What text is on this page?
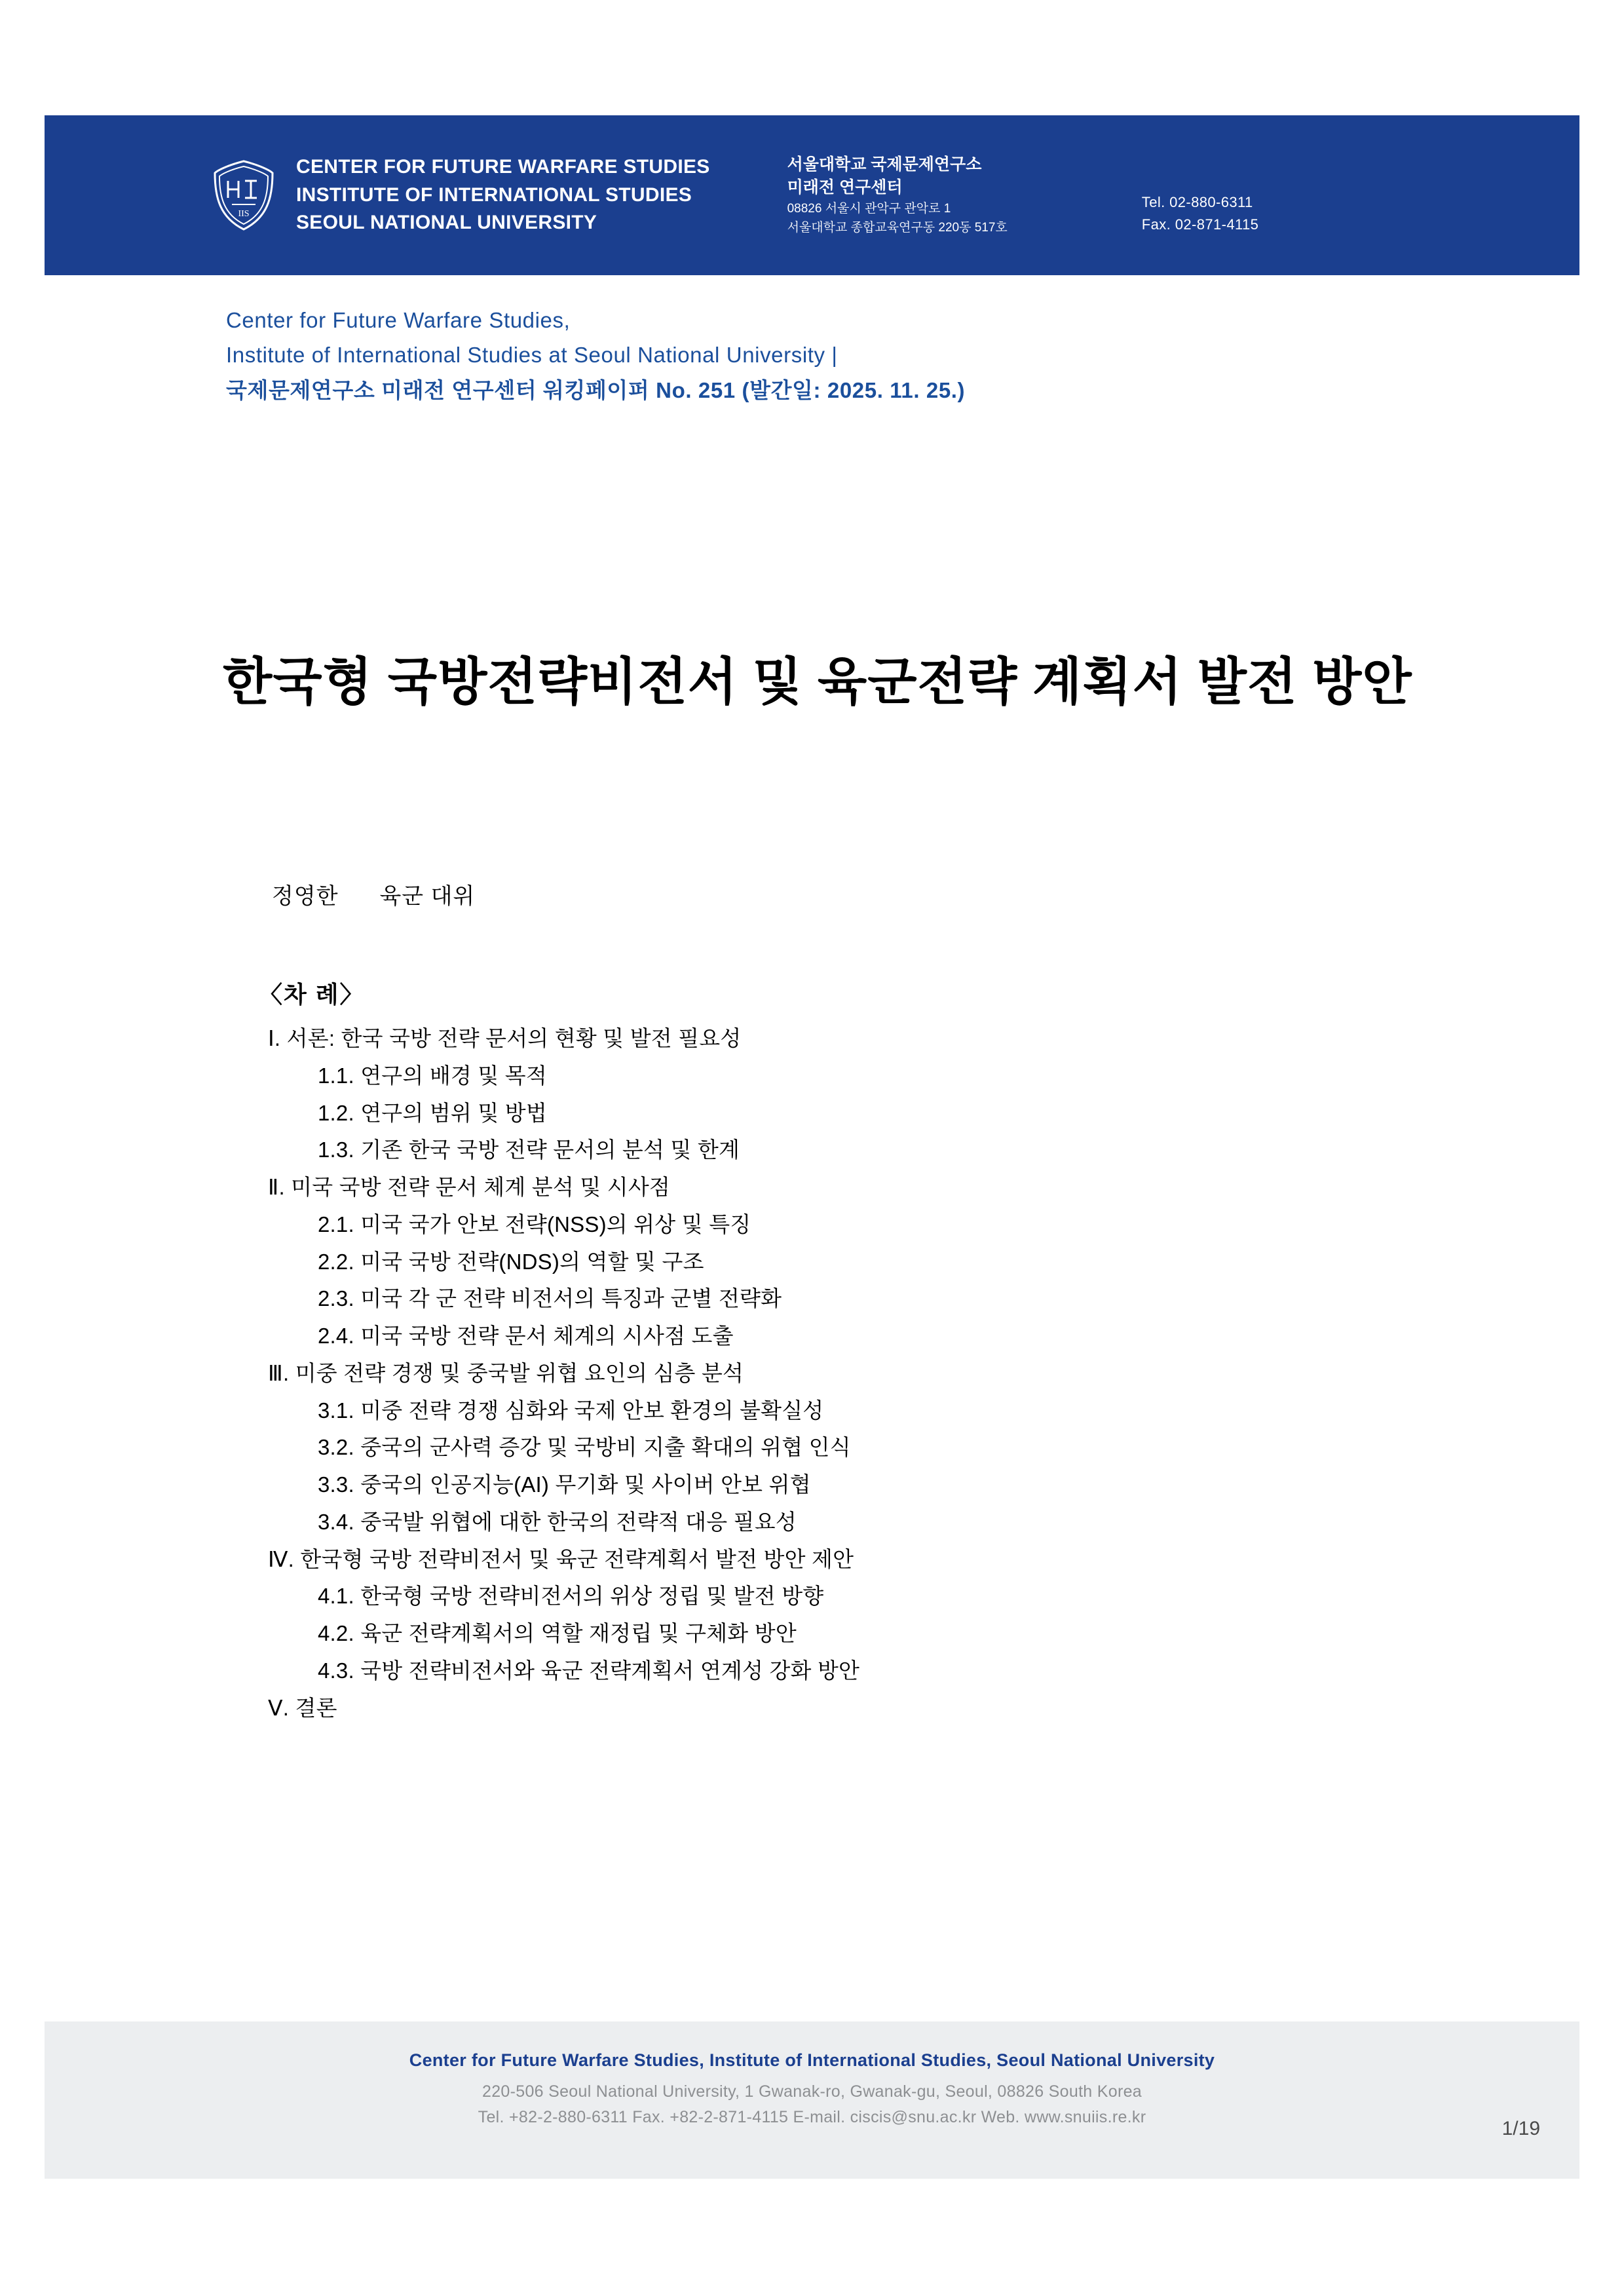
IIS
CENTER FOR FUTURE WARFARE STUDIES
INSTITUTE OF INTERNATIONAL STUDIES
SEOUL NATIONAL UNIVERSITY
서울대학교 국제문제연구소
미래전 연구센터
08826 서울시 관악구 관악로 1
서울대학교 종합교육연구동 220동 517호
Tel. 02-880-6311
Fax. 02-871-4115
Center for Future Warfare Studies,
Institute of International Studies at Seoul National University |
국제문제연구소 미래전 연구센터 워킹페이퍼 No. 251 (발간일: 2025. 11. 25.)
한국형 국방전략비전서 및 육군전략 계획서 발전 방안
정영한 육군 대위
〈차 례〉
Ⅰ. 서론: 한국 국방 전략 문서의 현황 및 발전 필요성
1.1. 연구의 배경 및 목적
1.2. 연구의 범위 및 방법
1.3. 기존 한국 국방 전략 문서의 분석 및 한계
Ⅱ. 미국 국방 전략 문서 체계 분석 및 시사점
2.1. 미국 국가 안보 전략(NSS)의 위상 및 특징
2.2. 미국 국방 전략(NDS)의 역할 및 구조
2.3. 미국 각 군 전략 비전서의 특징과 군별 전략화
2.4. 미국 국방 전략 문서 체계의 시사점 도출
Ⅲ. 미중 전략 경쟁 및 중국발 위협 요인의 심층 분석
3.1. 미중 전략 경쟁 심화와 국제 안보 환경의 불확실성
3.2. 중국의 군사력 증강 및 국방비 지출 확대의 위협 인식
3.3. 중국의 인공지능(AI) 무기화 및 사이버 안보 위협
3.4. 중국발 위협에 대한 한국의 전략적 대응 필요성
Ⅳ. 한국형 국방 전략비전서 및 육군 전략계획서 발전 방안 제안
4.1. 한국형 국방 전략비전서의 위상 정립 및 발전 방향
4.2. 육군 전략계획서의 역할 재정립 및 구체화 방안
4.3. 국방 전략비전서와 육군 전략계획서 연계성 강화 방안
Ⅴ. 결론
Center for Future Warfare Studies, Institute of International Studies, Seoul National University
220-506 Seoul National University, 1 Gwanak-ro, Gwanak-gu, Seoul, 08826 South Korea
Tel. +82-2-880-6311 Fax. +82-2-871-4115 E-mail. ciscis@snu.ac.kr Web. www.snuiis.re.kr
1/19
